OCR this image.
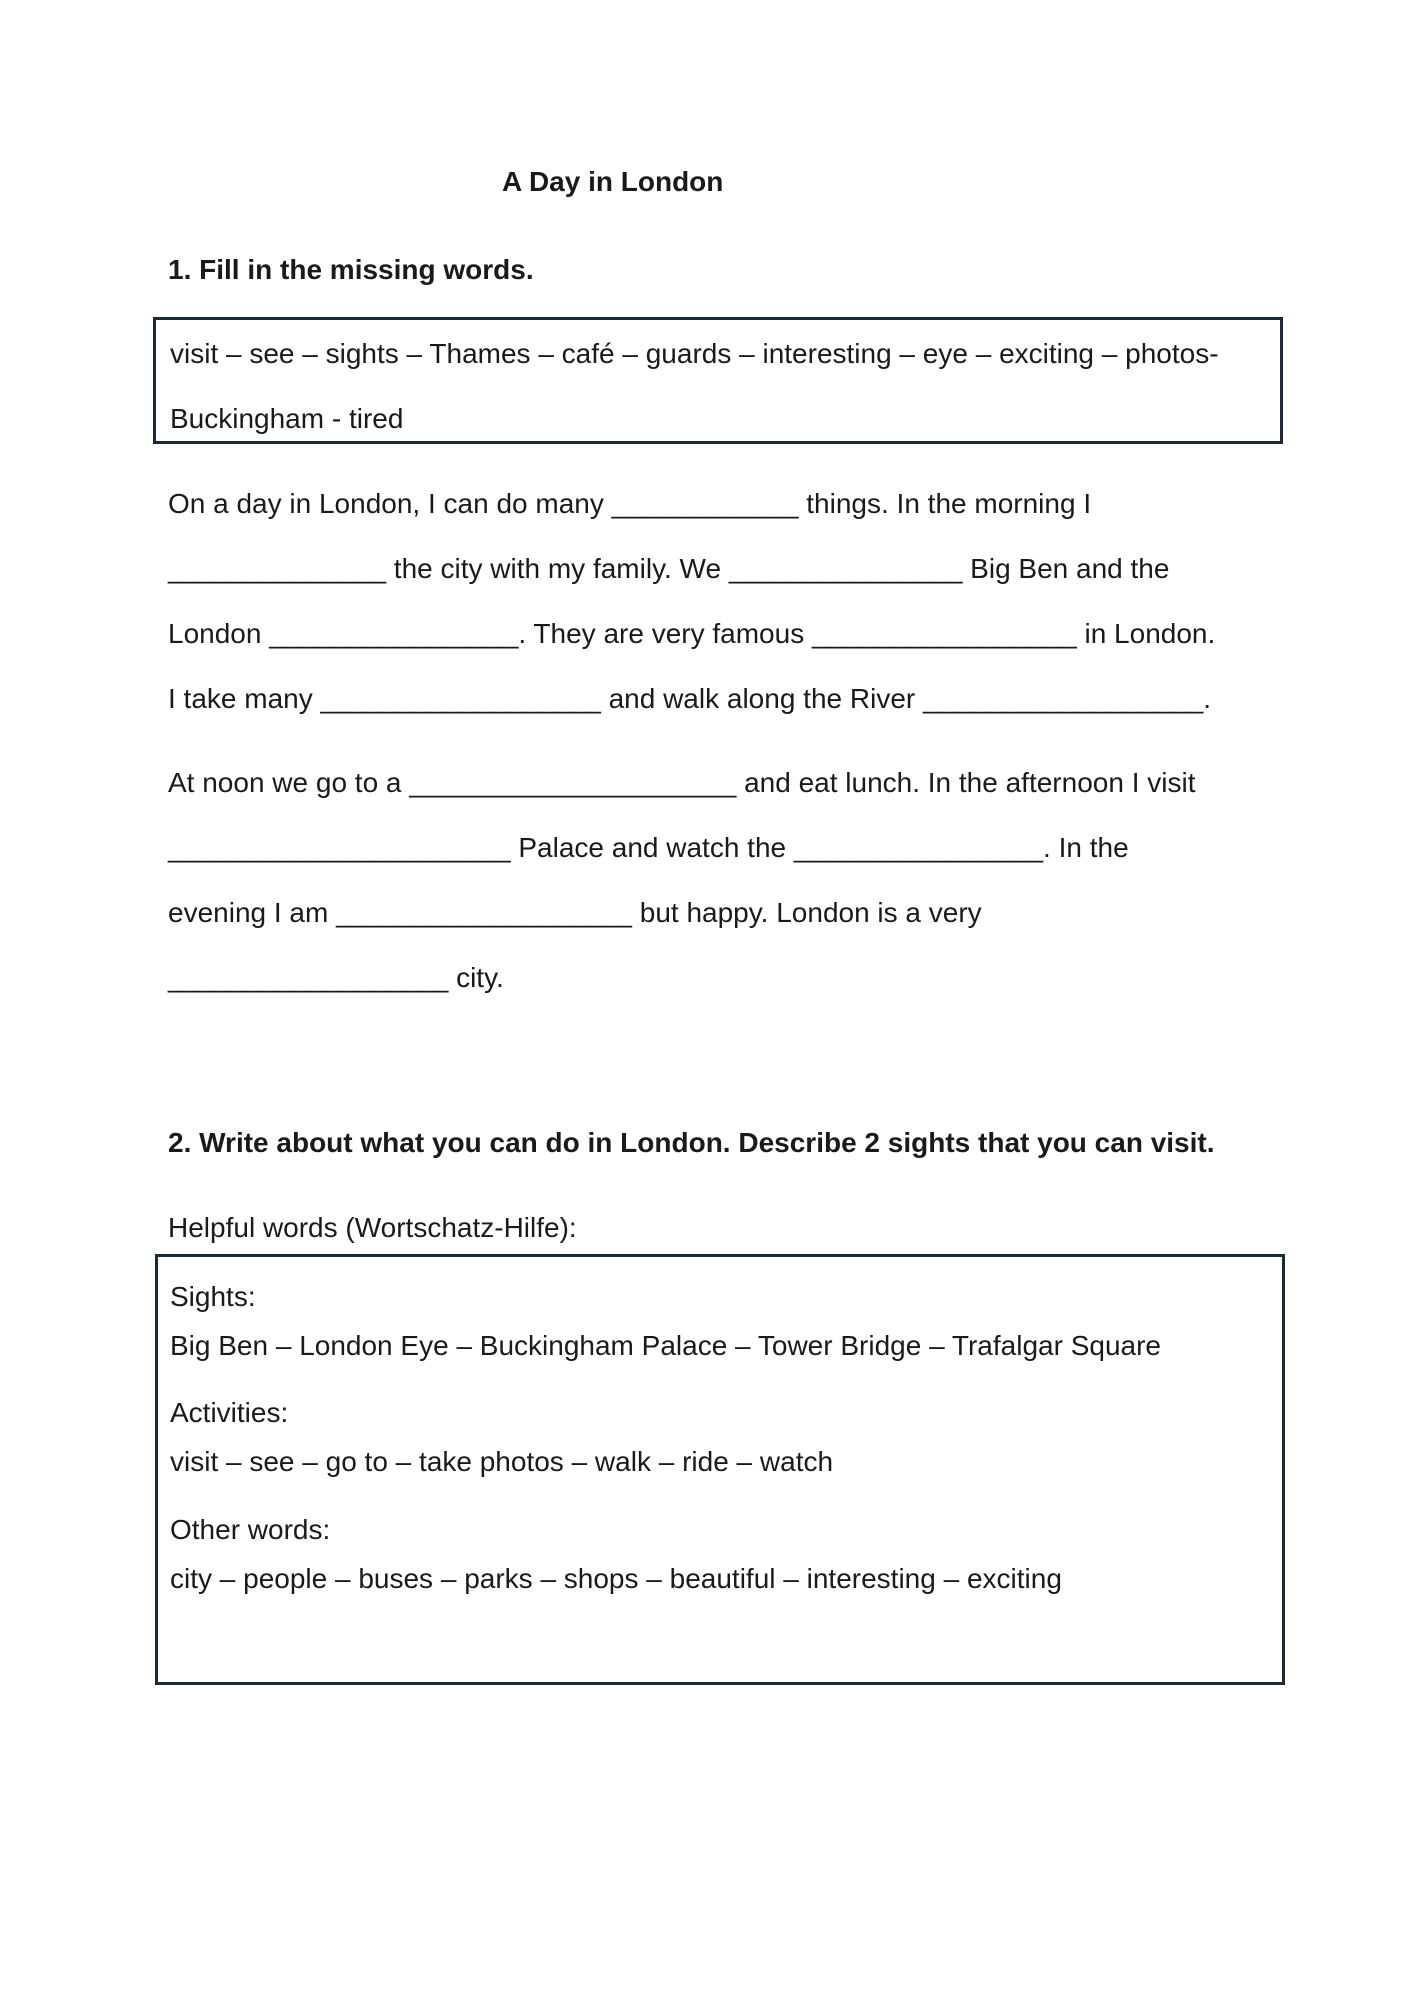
A Day in London
1. Fill in the missing words.
visit – see – sights – Thames – café – guards – interesting – eye – exciting – photos-
Buckingham - tired
On a day in London, I can do many ____________ things. In the morning I
______________ the city with my family. We _______________ Big Ben and the
London ________________. They are very famous _________________ in London.
I take many __________________ and walk along the River __________________.
At noon we go to a _____________________ and eat lunch. In the afternoon I visit
______________________ Palace and watch the ________________. In the
evening I am ___________________ but happy. London is a very
__________________ city.
2. Write about what you can do in London. Describe 2 sights that you can visit.
Helpful words (Wortschatz-Hilfe):
Sights:
Big Ben – London Eye – Buckingham Palace – Tower Bridge – Trafalgar Square
Activities:
visit – see – go to – take photos – walk – ride – watch
Other words:
city – people – buses – parks – shops – beautiful – interesting – exciting
